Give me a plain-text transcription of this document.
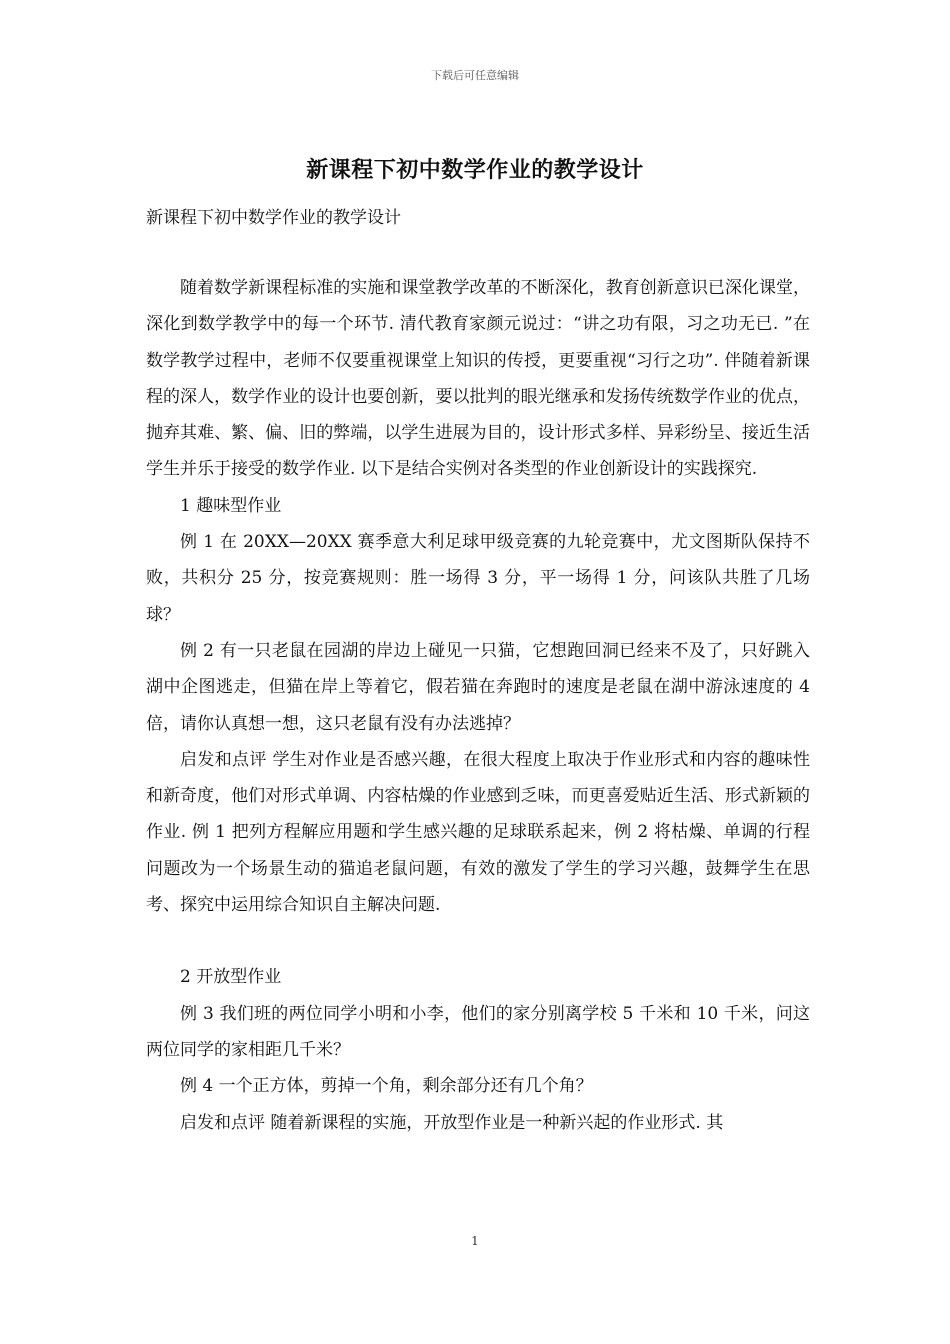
下载后可任意编辑
新课程下初中数学作业的教学设计
新课程下初中数学作业的教学设计

随着数学新课程标准的实施和课堂教学改革的不断深化，教育创新意识已深化课堂，深化到数学教学中的每一个环节. 清代教育家颜元说过：“讲之功有限，习之功无已. ”在数学教学过程中，老师不仅要重视课堂上知识的传授，更要重视“习行之功”. 伴随着新课程的深人，数学作业的设计也要创新，要以批判的眼光继承和发扬传统数学作业的优点，抛弃其难、繁、偏、旧的弊端，以学生进展为目的，设计形式多样、异彩纷呈、接近生活学生并乐于接受的数学作业. 以下是结合实例对各类型的作业创新设计的实践探究.

1 趣味型作业

例 1 在 20XX—20XX 赛季意大利足球甲级竞赛的九轮竞赛中，尤文图斯队保持不败，共积分 25 分，按竞赛规则：胜一场得 3 分，平一场得 1 分，问该队共胜了几场球？

例 2 有一只老鼠在园湖的岸边上碰见一只猫，它想跑回洞已经来不及了，只好跳入湖中企图逃走，但猫在岸上等着它，假若猫在奔跑时的速度是老鼠在湖中游泳速度的 4 倍，请你认真想一想，这只老鼠有没有办法逃掉？

启发和点评 学生对作业是否感兴趣，在很大程度上取决于作业形式和内容的趣味性和新奇度，他们对形式单调、内容枯燥的作业感到乏味，而更喜爱贴近生活、形式新颖的作业. 例 1 把列方程解应用题和学生感兴趣的足球联系起来，例 2 将枯燥、单调的行程问题改为一个场景生动的猫追老鼠问题，有效的激发了学生的学习兴趣，鼓舞学生在思考、探究中运用综合知识自主解决问题.

2 开放型作业

例 3 我们班的两位同学小明和小李，他们的家分别离学校 5 千米和 10 千米，问这两位同学的家相距几千米？

例 4 一个正方体，剪掉一个角，剩余部分还有几个角？

启发和点评 随着新课程的实施，开放型作业是一种新兴起的作业形式. 其

1
